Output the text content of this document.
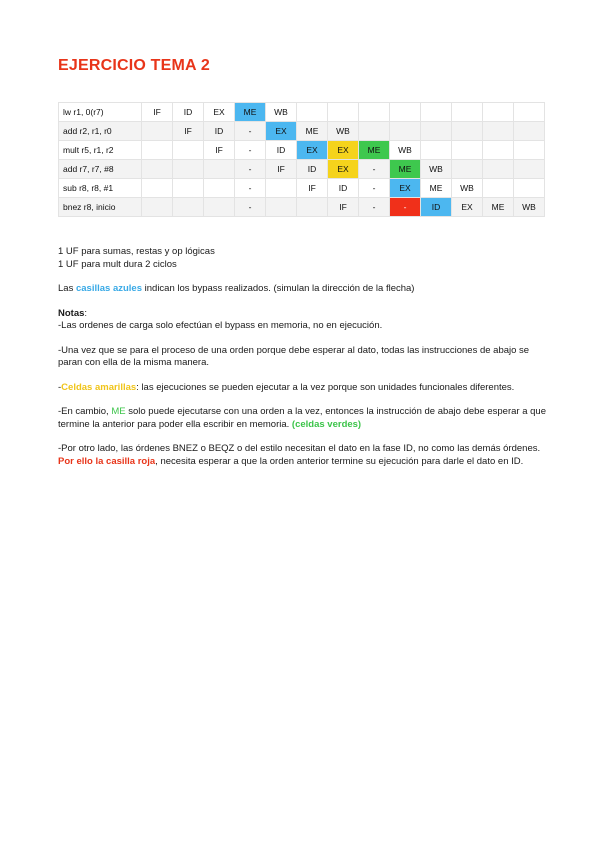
EJERCICIO TEMA 2
lw r1, 0(r7)	IF	ID	EX	ME	WB								
add r2, r1, r0		IF	ID	-	EX	ME	WB						
mult r5, r1, r2			IF	-	ID	EX	EX	ME	WB				
add r7, r7, #8				-	IF	ID	EX	-	ME	WB			
sub r8, r8, #1				-		IF	ID	-	EX	ME	WB		
bnez r8, inicio				-			IF	-	-	ID	EX	ME	WB

1 UF para sumas, restas y op lógicas

1 UF para mult dura 2 ciclos

Las casillas azules indican los bypass realizados. (simulan la dirección de la flecha)

Notas:

-Las ordenes de carga solo efectúan el bypass en memoria, no en ejecución.

-Una vez que se para el proceso de una orden porque debe esperar al dato, todas las instrucciones de abajo se paran con ella de la misma manera.

-Celdas amarillas: las ejecuciones se pueden ejecutar a la vez porque son unidades funcionales diferentes.

-En cambio, ME solo puede ejecutarse con una orden a la vez, entonces la instrucción de abajo debe esperar a que termine la anterior para poder ella escribir en memoria. (celdas verdes)

-Por otro lado, las órdenes BNEZ o BEQZ o del estilo necesitan el dato en la fase ID, no como las demás órdenes. Por ello la casilla roja, necesita esperar a que la orden anterior termine su ejecución para darle el dato en ID.
